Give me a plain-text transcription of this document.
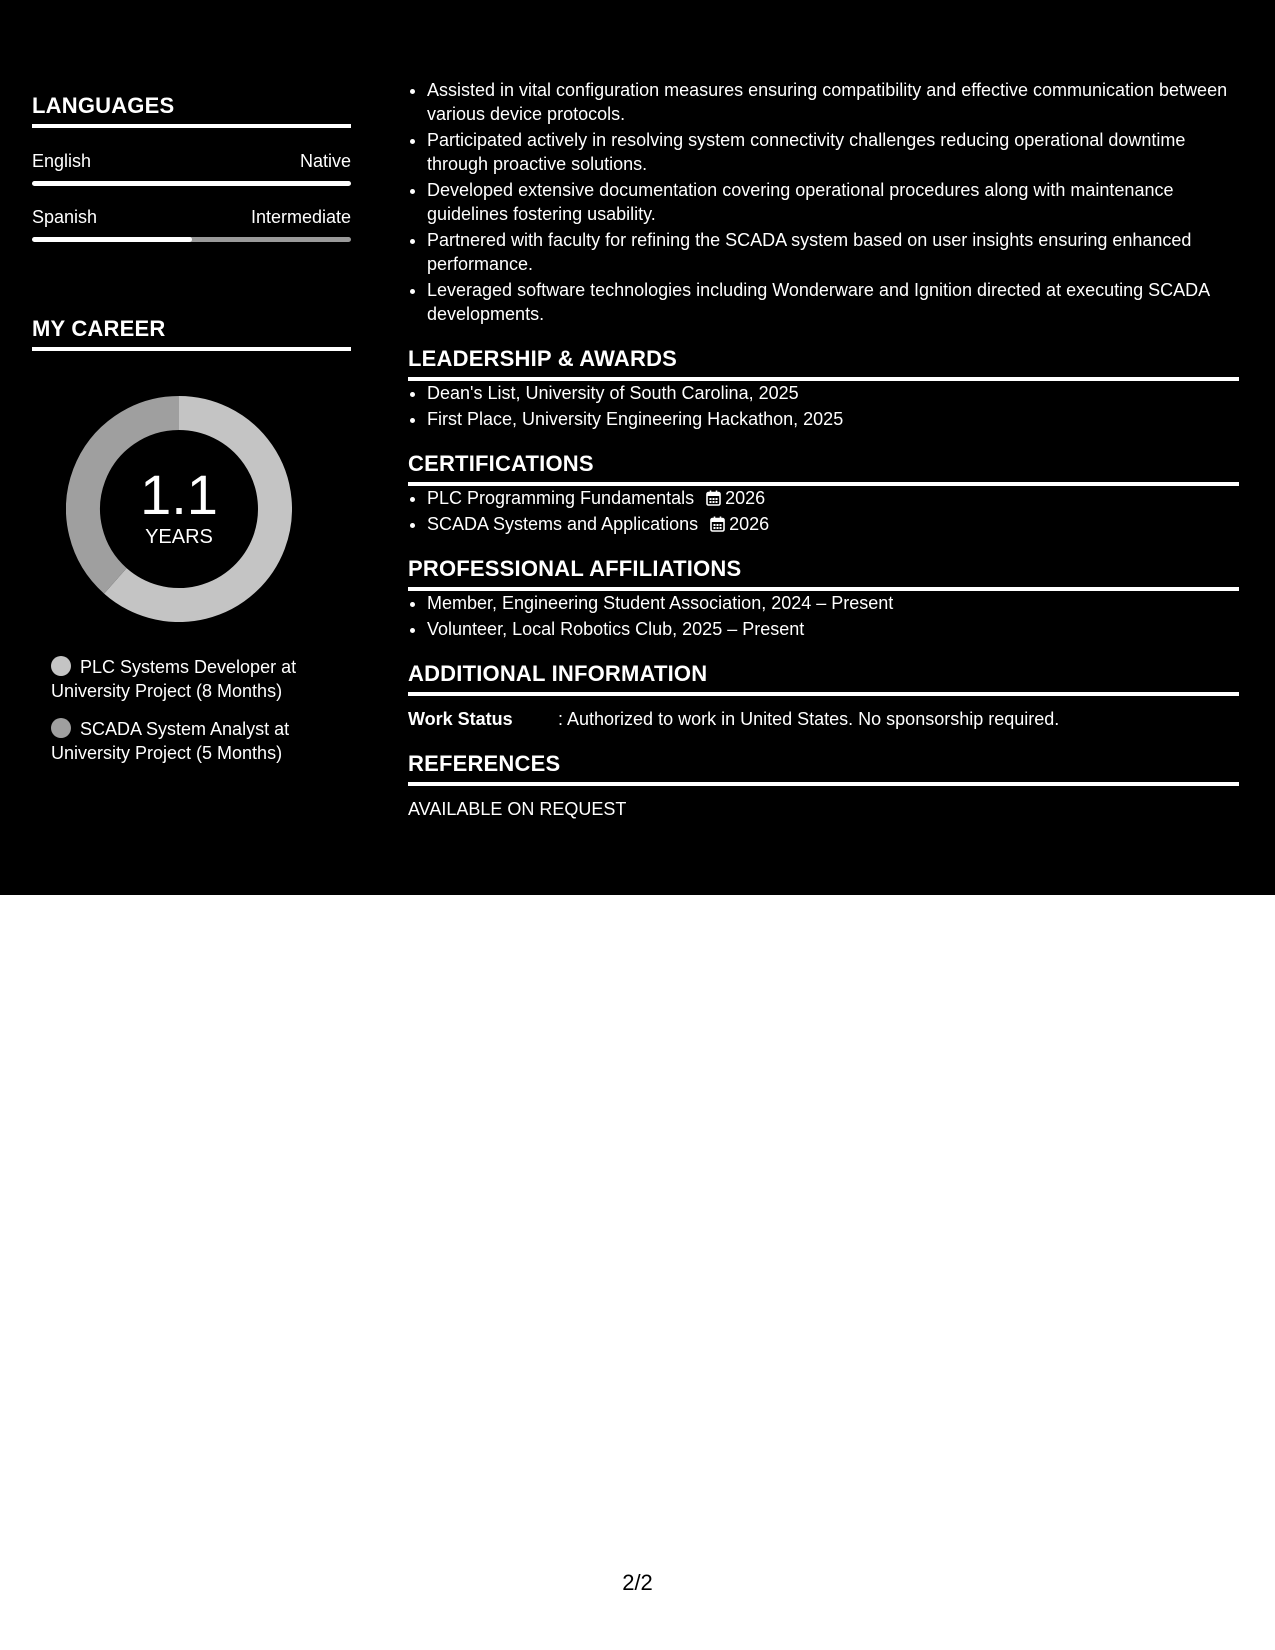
LANGUAGES
English	Native
Spanish	Intermediate
MY CAREER
1.1
YEARS
PLC Systems Developer at University Project (8 Months)
SCADA System Analyst at University Project (5 Months)
• Assisted in vital configuration measures ensuring compatibility and effective communication between various device protocols.
• Participated actively in resolving system connectivity challenges reducing operational downtime through proactive solutions.
• Developed extensive documentation covering operational procedures along with maintenance guidelines fostering usability.
• Partnered with faculty for refining the SCADA system based on user insights ensuring enhanced performance.
• Leveraged software technologies including Wonderware and Ignition directed at executing SCADA developments.
LEADERSHIP & AWARDS
• Dean's List, University of South Carolina, 2025
• First Place, University Engineering Hackathon, 2025
CERTIFICATIONS
• PLC Programming Fundamentals 2026
• SCADA Systems and Applications 2026
PROFESSIONAL AFFILIATIONS
• Member, Engineering Student Association, 2024 – Present
• Volunteer, Local Robotics Club, 2025 – Present
ADDITIONAL INFORMATION
Work Status	: Authorized to work in United States. No sponsorship required.
REFERENCES
AVAILABLE ON REQUEST
2/2
